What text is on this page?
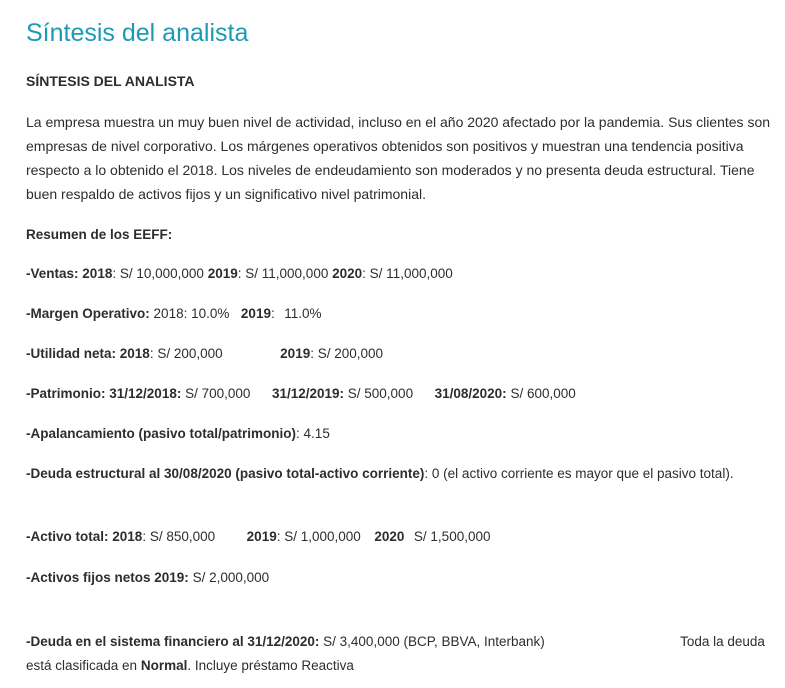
Síntesis del analista
SÍNTESIS DEL ANALISTA

La empresa muestra un muy buen nivel de actividad, incluso en el año 2020 afectado por la pandemia. Sus clientes son empresas de nivel corporativo. Los márgenes operativos obtenidos son positivos y muestran una tendencia positiva respecto a lo obtenido el 2018. Los niveles de endeudamiento son moderados y no presenta deuda estructural. Tiene buen respaldo de activos fijos y un significativo nivel patrimonial.

Resumen de los EEFF:
-Ventas: 2018: S/ 10,000,000 2019: S/ 11,000,000 2020: S/ 11,000,000
-Margen Operativo: 2018: 10.0% 2019:  11.0%
-Utilidad neta: 2018: S/ 200,000	2019: S/ 200,000
-Patrimonio: 31/12/2018: S/ 700,000 31/12/2019: S/ 500,000 31/08/2020: S/ 600,000
-Apalancamiento (pasivo total/patrimonio): 4.15
-Deuda estructural al 30/08/2020 (pasivo total-activo corriente): 0 (el activo corriente es mayor que el pasivo total).
-Activo total: 2018: S/ 850,000 2019: S/ 1,000,000 2020 S/ 1,500,000
-Activos fijos netos 2019: S/ 2,000,000
-Deuda en el sistema financiero al 31/12/2020: S/ 3,400,000 (BCP, BBVA, Interbank)	Toda la deuda está clasificada en Normal. Incluye préstamo Reactiva
